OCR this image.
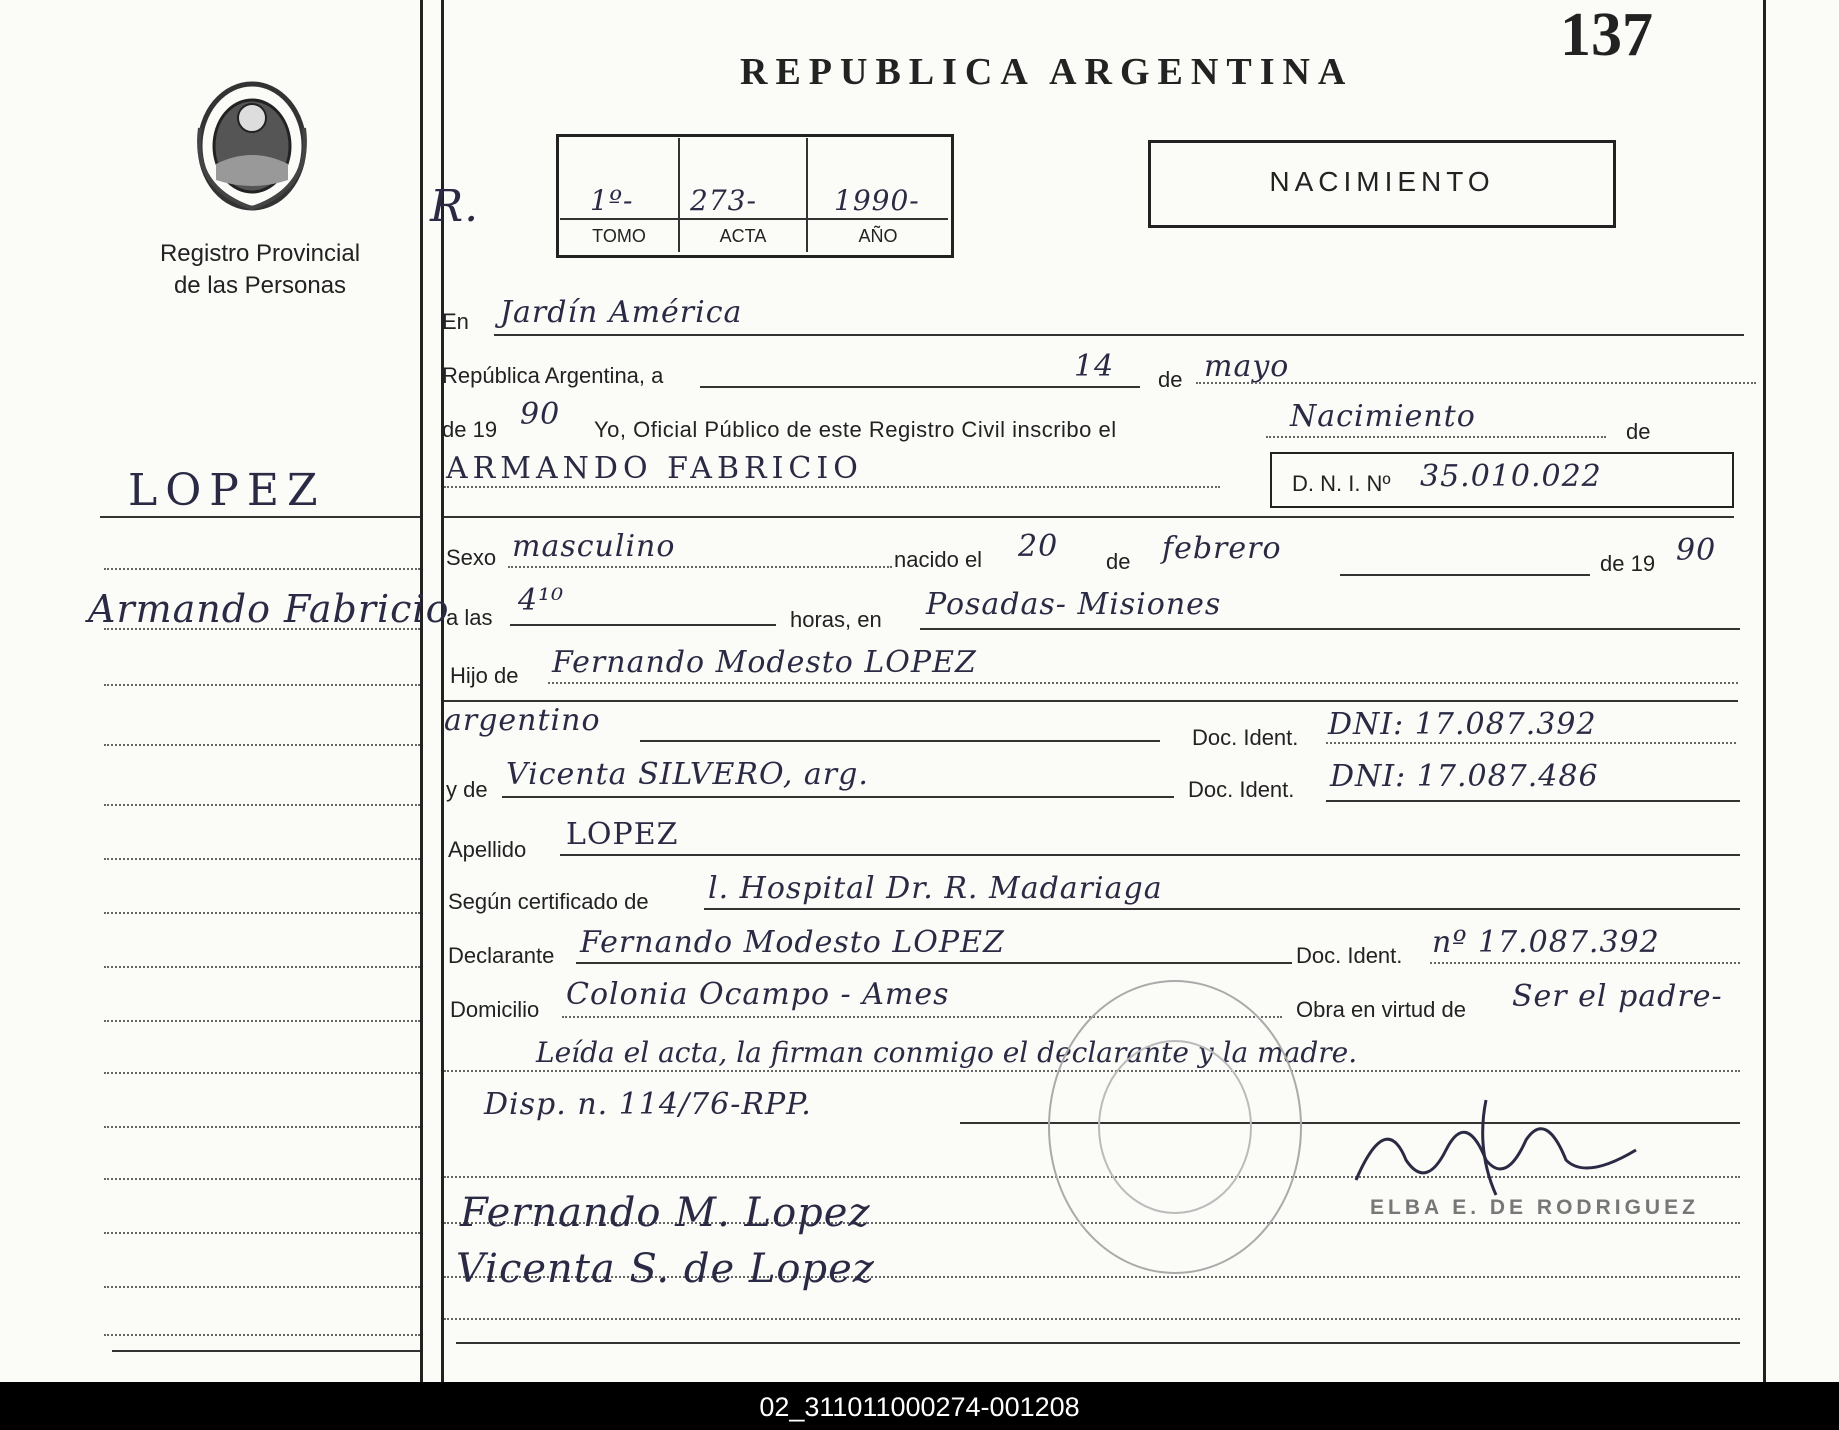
137
REPUBLICA ARGENTINA
Registro Provincial
de las Personas
R.	1º- 273-	1990-
TOMO	ACTA	AÑO
NACIMIENTO
LOPEZ
Armando Fabricio
En Jardín América
República Argentina, a	14 de mayo
de 19 90 Yo, Oficial Público de este Registro Civil inscribo el	Nacimiento	de
ARMANDO FABRICIO	D. N. I. Nº 35.010.022
Sexo masculino	nacido el 20 de febrero	de 19 90
a las 4¹⁰
horas, en Posadas- Misiones
Hijo de Fernando Modesto LOPEZ
argentino	Doc. Ident. DNI: 17.087.392
y de Vicenta SILVERO, arg.	Doc. Ident. DNI: 17.087.486
Apellido LOPEZ
Según certificado de l. Hospital Dr. R. Madariaga
Declarante Fernando Modesto LOPEZ	Doc. Ident. nº 17.087.392
Domicilio Colonia Ocampo - Ames	Obra en virtud de Ser el padre-
Leída el acta, la firman conmigo el declarante y la madre.
Disp. n. 114/76-RPP.
Fernando M. Lopez
Vicenta S. de Lopez
ELBA E. DE RODRIGUEZ
02_311011000274-001208
